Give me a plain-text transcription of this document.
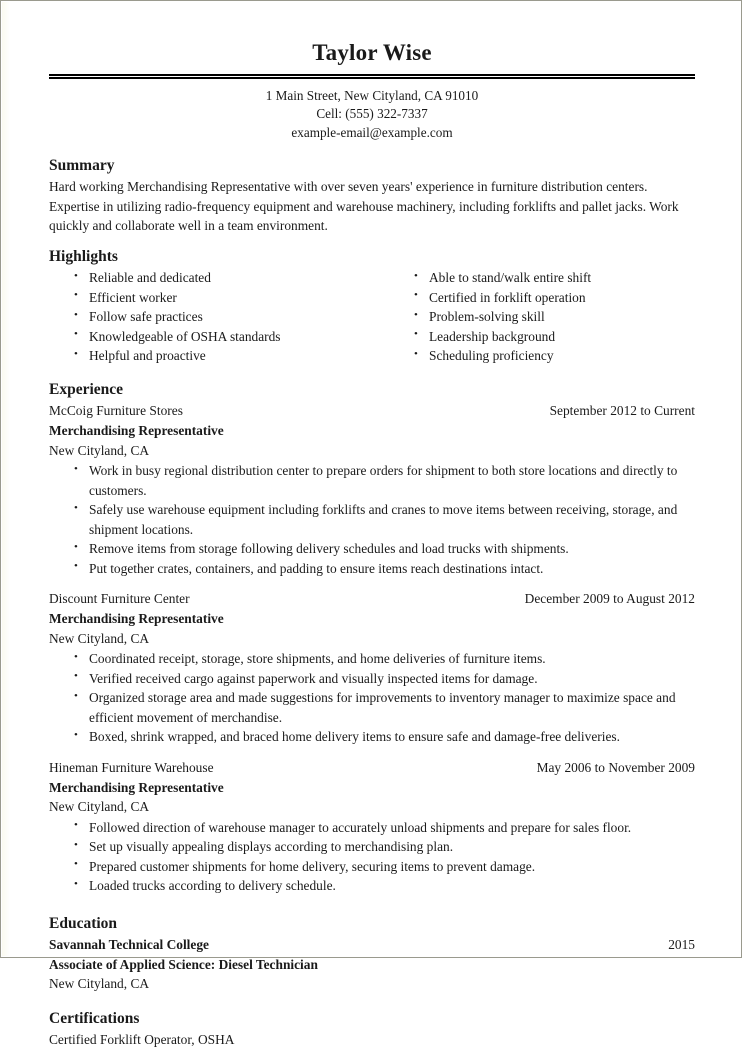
Taylor Wise
1 Main Street, New Cityland, CA 91010
Cell: (555) 322-7337
example-email@example.com
Summary

Hard working Merchandising Representative with over seven years' experience in furniture distribution centers. Expertise in utilizing radio-frequency equipment and warehouse machinery, including forklifts and pallet jacks. Work quickly and collaborate well in a team environment.

Highlights
• Reliable and dedicated
• Efficient worker
• Follow safe practices
• Knowledgeable of OSHA standards
• Helpful and proactive
• Able to stand/walk entire shift
• Certified in forklift operation
• Problem-solving skill
• Leadership background
• Scheduling proficiency
Experience
McCoig Furniture Stores	September 2012 to Current
Merchandising Representative
New Cityland, CA
• Work in busy regional distribution center to prepare orders for shipment to both store locations and directly to customers.
• Safely use warehouse equipment including forklifts and cranes to move items between receiving, storage, and shipment locations.
• Remove items from storage following delivery schedules and load trucks with shipments.
• Put together crates, containers, and padding to ensure items reach destinations intact.
Discount Furniture Center	December 2009 to August 2012
Merchandising Representative
New Cityland, CA
• Coordinated receipt, storage, store shipments, and home deliveries of furniture items.
• Verified received cargo against paperwork and visually inspected items for damage.
• Organized storage area and made suggestions for improvements to inventory manager to maximize space and efficient movement of merchandise.
• Boxed, shrink wrapped, and braced home delivery items to ensure safe and damage-free deliveries.
Hineman Furniture Warehouse	May 2006 to November 2009
Merchandising Representative
New Cityland, CA
• Followed direction of warehouse manager to accurately unload shipments and prepare for sales floor.
• Set up visually appealing displays according to merchandising plan.
• Prepared customer shipments for home delivery, securing items to prevent damage.
• Loaded trucks according to delivery schedule.
Education
Savannah Technical College	2015
Associate of Applied Science: Diesel Technician
New Cityland, CA
Certifications
Certified Forklift Operator, OSHA
